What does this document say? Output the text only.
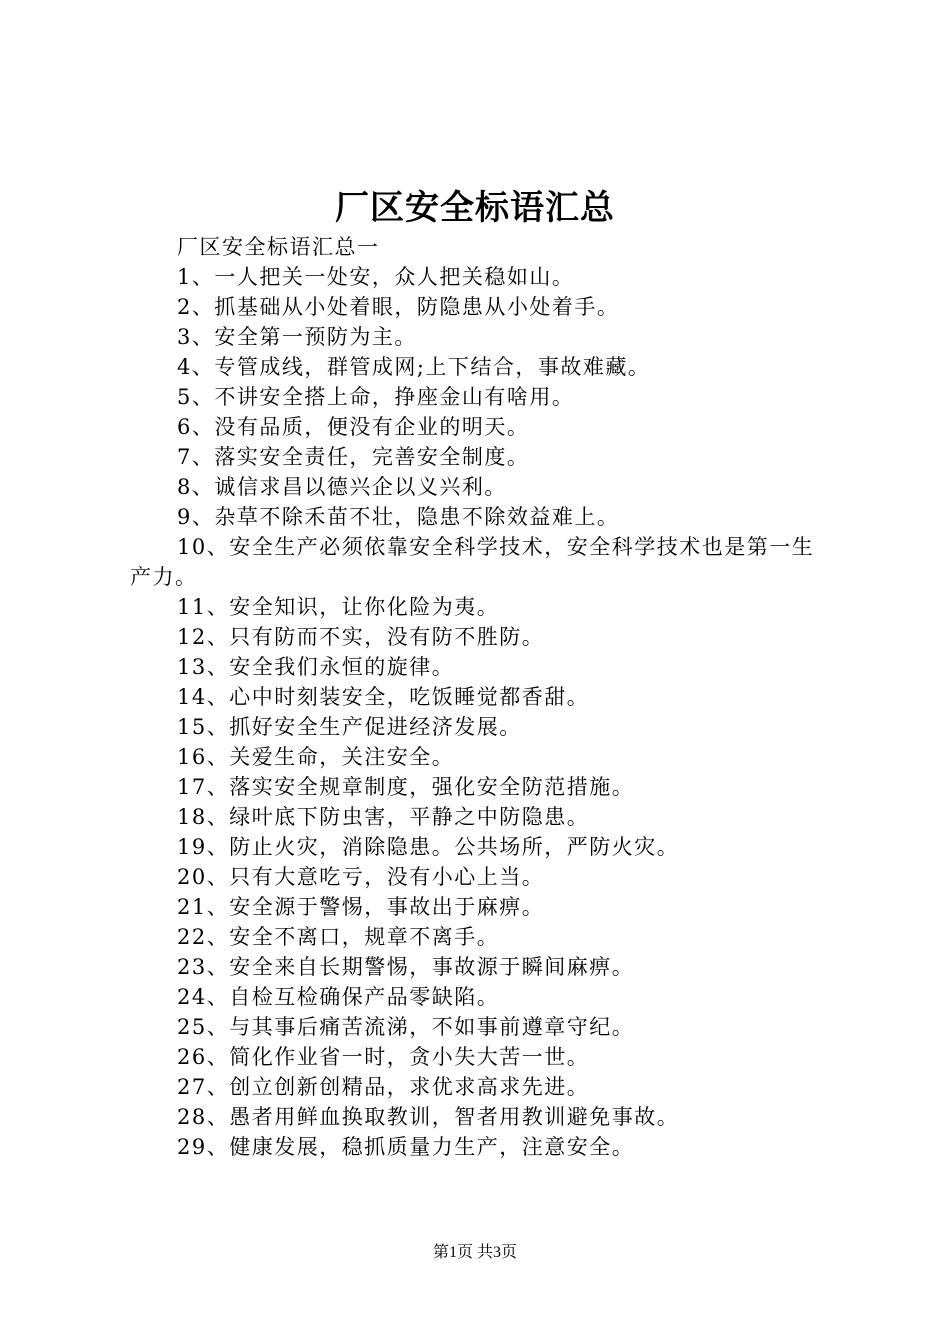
厂区安全标语汇总

厂区安全标语汇总一

1、一人把关一处安，众人把关稳如山。

2、抓基础从小处着眼，防隐患从小处着手。

3、安全第一预防为主。

4、专管成线，群管成网;上下结合，事故难藏。

5、不讲安全搭上命，挣座金山有啥用。

6、没有品质，便没有企业的明天。

7、落实安全责任，完善安全制度。

8、诚信求昌以德兴企以义兴利。

9、杂草不除禾苗不壮，隐患不除效益难上。

10、安全生产必须依靠安全科学技术，安全科学技术也是第一生产力。

11、安全知识，让你化险为夷。

12、只有防而不实，没有防不胜防。

13、安全我们永恒的旋律。

14、心中时刻装安全，吃饭睡觉都香甜。

15、抓好安全生产促进经济发展。

16、关爱生命，关注安全。

17、落实安全规章制度，强化安全防范措施。

18、绿叶底下防虫害，平静之中防隐患。

19、防止火灾，消除隐患。公共场所，严防火灾。

20、只有大意吃亏，没有小心上当。

21、安全源于警惕，事故出于麻痹。

22、安全不离口，规章不离手。

23、安全来自长期警惕，事故源于瞬间麻痹。

24、自检互检确保产品零缺陷。

25、与其事后痛苦流涕，不如事前遵章守纪。

26、简化作业省一时，贪小失大苦一世。

27、创立创新创精品，求优求高求先进。

28、愚者用鲜血换取教训，智者用教训避免事故。

29、健康发展，稳抓质量力生产，注意安全。

第1页 共3页
